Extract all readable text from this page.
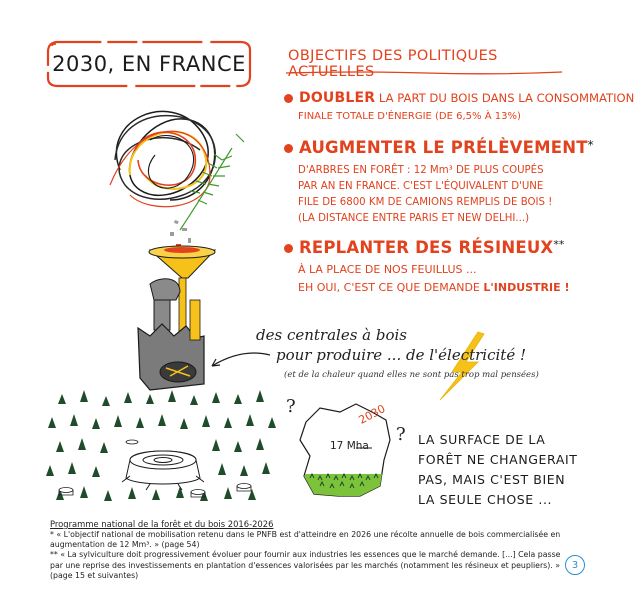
2030, EN FRANCE	OBJECTIFS DES POLITIQUES ACTUELLES
DOUBLER LA PART DU BOIS DANS LA CONSOMMATION
FINALE TOTALE D'ÉNERGIE (DE 6,5% À 13%)
AUGMENTER LE PRÉLÈVEMENT*
D'ARBRES EN FORÊT : 12 Mm³ DE PLUS COUPÉS
PAR AN EN FRANCE. C'EST L'ÉQUIVALENT D'UNE
FILE DE 6800 KM DE CAMIONS REMPLIS DE BOIS !
(LA DISTANCE ENTRE PARIS ET NEW DELHI...)
REPLANTER DES RÉSINEUX**
À LA PLACE DE NOS FEUILLUS ...
EH OUI, C'EST CE QUE DEMANDE L'INDUSTRIE !
des centrales à bois
pour produire ... de l'électricité !
(et de la chaleur quand elles ne sont pas trop mal pensées)
?
?
2030
17 Mha	LA SURFACE DE LA
FORÊT NE CHANGERAIT
PAS, MAIS C'EST BIEN
LA SEULE CHOSE ...
Programme national de la forêt et du bois 2016-2026
* « L'objectif national de mobilisation retenu dans le PNFB est d'atteindre en 2026 une récolte annuelle de bois commercialisée en augmentation de 12 Mm³. » (page 54)
** « La sylviculture doit progressivement évoluer pour fournir aux industries les essences que le marché demande. [...] Cela passe par une reprise des investissements en plantation d'essences valorisées par les marchés (notamment les résineux et peupliers). » (page 15 et suivantes)
3
